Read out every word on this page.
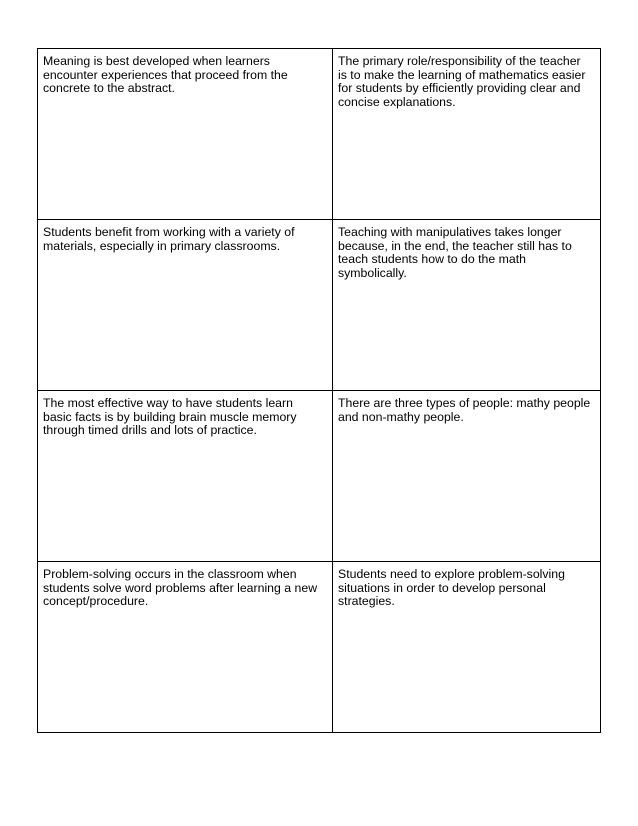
Meaning is best developed when learners encounter experiences that proceed from the concrete to the abstract.	The primary role/responsibility of the teacher is to make the learning of mathematics easier for students by efficiently providing clear and concise explanations.

Students benefit from working with a variety of materials, especially in primary classrooms.	Teaching with manipulatives takes longer because, in the end, the teacher still has to teach students how to do the math symbolically.

The most effective way to have students learn basic facts is by building brain muscle memory through timed drills and lots of practice.	There are three types of people: mathy people and non-mathy people.

Problem-solving occurs in the classroom when students solve word problems after learning a new concept/procedure.	Students need to explore problem-solving situations in order to develop personal strategies.
